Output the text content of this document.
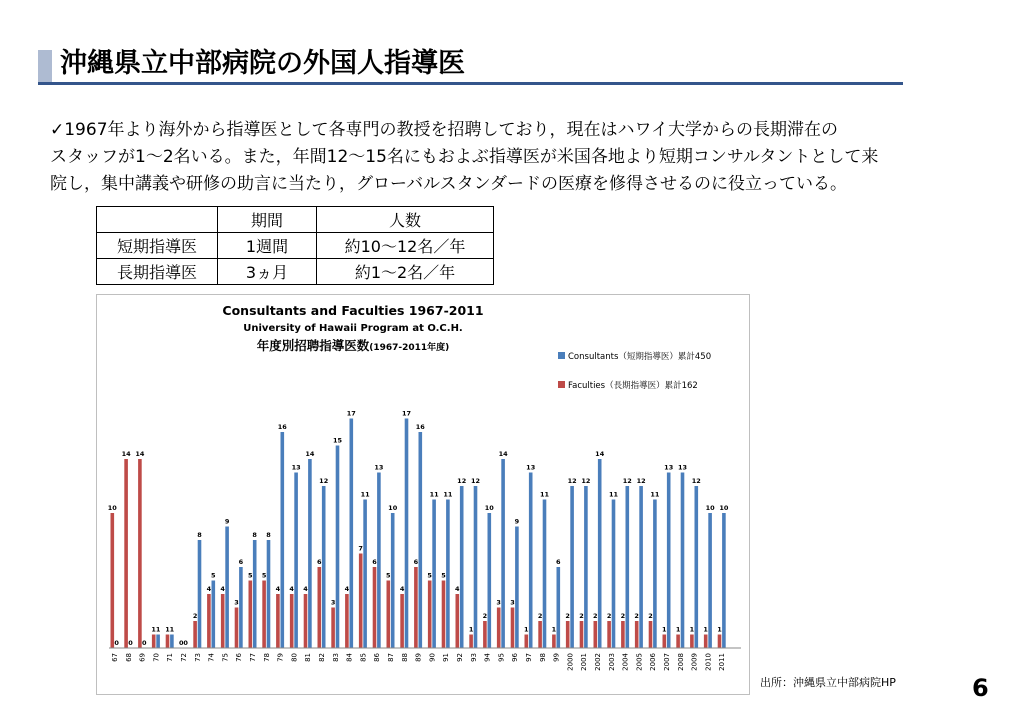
沖縄県立中部病院の外国人指導医
✓1967年より海外から指導医として各専門の教授を招聘しており，現在はハワイ大学からの長期滞在の
スタッフが1～2名いる。また，年間12～15名にもおよぶ指導医が米国各地より短期コンサルタントとして来
院し，集中講義や研修の助言に当たり，グローバルスタンダードの医療を修得させるのに役立っている。
	期間	人数
短期指導医	1週間	約10～12名／年
長期指導医	3ヵ月	約1～2名／年
Consultants and Faculties 1967-2011
University of Hawaii Program at O.C.H.
年度別招聘指導医数(1967-2011年度)
Consultants（短期指導医）累計450
Faculties（長期指導医）累計162
10
0
14
0
14
0
1 1 1 1
0 0
2
8
4
5
4
9
3
6
5
8
5
8
4
16
4
13
4
14
6
12
3
15
4
17
7
11
6
13
5
10
4
17
6
16
5
11
5
11
4
12
1
12
2
10
3
14
3
9
1
13
2
11
1
6
2
12
2
12
2
14
2
11
2
12
2
12
2
11
1
13
1
13
1
12
1
10
1
10
67 68 69 70 71 72 73 74 75 76 77 78 79 80 81 82 83 84 85 86 87 88 89 90 91 92 93 94 95 96 97 98 99 2000 2001 2002 2003 2004 2005 2006 2007 2008 2009 2010 2011
出所：沖縄県立中部病院HP	6
